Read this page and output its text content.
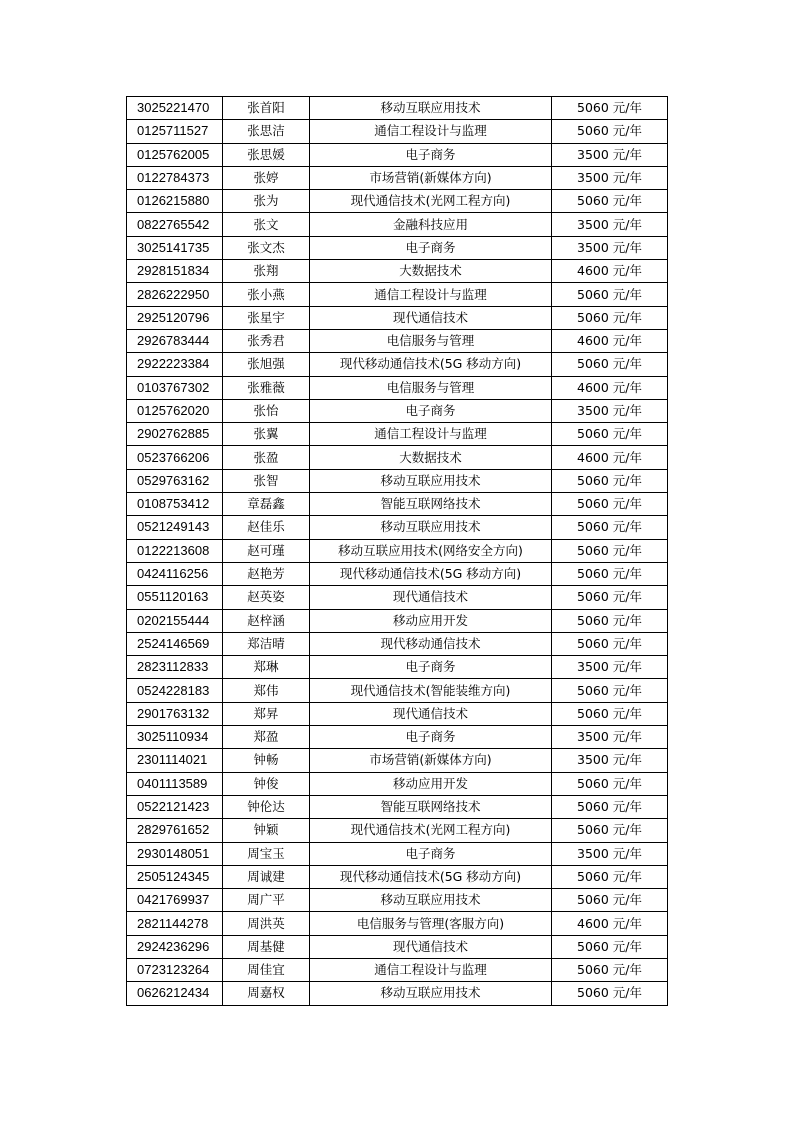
3025221470	张首阳	移动互联应用技术	5060 元/年
0125711527	张思洁	通信工程设计与监理	5060 元/年
0125762005	张思媛	电子商务	3500 元/年
0122784373	张婷	市场营销(新媒体方向)	3500 元/年
0126215880	张为	现代通信技术(光网工程方向)	5060 元/年
0822765542	张文	金融科技应用	3500 元/年
3025141735	张文杰	电子商务	3500 元/年
2928151834	张翔	大数据技术	4600 元/年
2826222950	张小燕	通信工程设计与监理	5060 元/年
2925120796	张星宇	现代通信技术	5060 元/年
2926783444	张秀君	电信服务与管理	4600 元/年
2922223384	张旭强	现代移动通信技术(5G 移动方向)	5060 元/年
0103767302	张雅薇	电信服务与管理	4600 元/年
0125762020	张怡	电子商务	3500 元/年
2902762885	张翼	通信工程设计与监理	5060 元/年
0523766206	张盈	大数据技术	4600 元/年
0529763162	张智	移动互联应用技术	5060 元/年
0108753412	章磊鑫	智能互联网络技术	5060 元/年
0521249143	赵佳乐	移动互联应用技术	5060 元/年
0122213608	赵可瑾	移动互联应用技术(网络安全方向)	5060 元/年
0424116256	赵艳芳	现代移动通信技术(5G 移动方向)	5060 元/年
0551120163	赵英姿	现代通信技术	5060 元/年
0202155444	赵梓涵	移动应用开发	5060 元/年
2524146569	郑洁晴	现代移动通信技术	5060 元/年
2823112833	郑琳	电子商务	3500 元/年
0524228183	郑伟	现代通信技术(智能装维方向)	5060 元/年
2901763132	郑昇	现代通信技术	5060 元/年
3025110934	郑盈	电子商务	3500 元/年
2301114021	钟畅	市场营销(新媒体方向)	3500 元/年
0401113589	钟俊	移动应用开发	5060 元/年
0522121423	钟伦达	智能互联网络技术	5060 元/年
2829761652	钟颖	现代通信技术(光网工程方向)	5060 元/年
2930148051	周宝玉	电子商务	3500 元/年
2505124345	周诚建	现代移动通信技术(5G 移动方向)	5060 元/年
0421769937	周广平	移动互联应用技术	5060 元/年
2821144278	周洪英	电信服务与管理(客服方向)	4600 元/年
2924236296	周基健	现代通信技术	5060 元/年
0723123264	周佳宜	通信工程设计与监理	5060 元/年
0626212434	周嘉权	移动互联应用技术	5060 元/年
